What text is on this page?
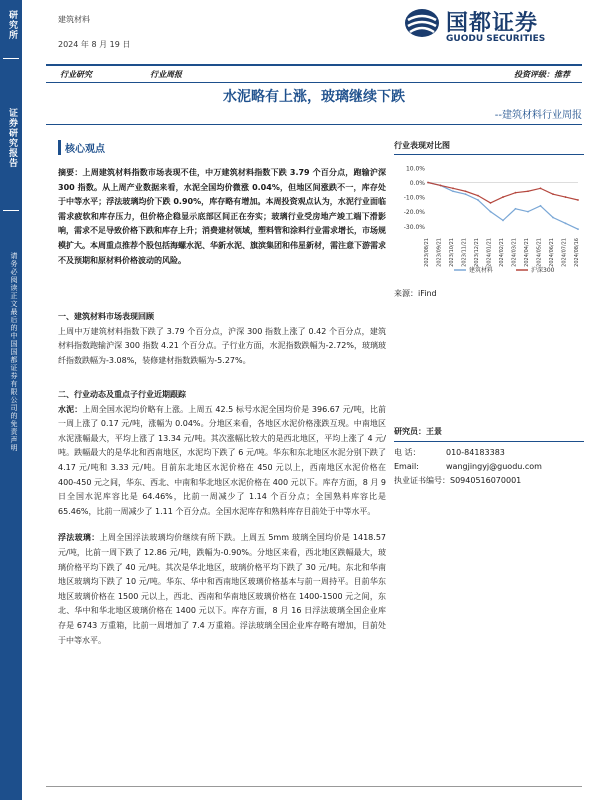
研究所
证券研究报告
请务必阅读正文最后的中国国都证券有限公司的免责声明
建筑材料
2024 年 8 月 19 日
国都证券
GUODU SECURITIES
行业研究	行业周报	投资评级：推荐
水泥略有上涨，玻璃继续下跌
--建筑材料行业周报
核心观点
摘要：上周建筑材料指数市场表现不佳，中万建筑材料指数下跌 3.79 个百分点，跑输沪深 300 指数。从上周产业数据来看，水泥全国均价微涨 0.04%，但地区间涨跌不一，库存处于中等水平；浮法玻璃均价下跌 0.90%，库存略有增加。本周投资观点认为，水泥行业面临需求疲软和库存压力，但价格企稳显示底部区间正在夯实；玻璃行业受房地产竣工端下滑影响，需求不足导致价格下跌和库存上升；消费建材领域，塑料管和涂料行业需求增长，市场规模扩大。本周重点推荐个股包括海螺水泥、华新水泥、旗滨集团和伟星新材，需注意下游需求不及预期和原材料价格波动的风险。
一、建筑材料市场表现回顾
上周中万建筑材料指数下跌了 3.79 个百分点，沪深 300 指数上涨了 0.42 个百分点，建筑材料指数跑输沪深 300 指数 4.21 个百分点。子行业方面，水泥指数跌幅为-2.72%，玻璃玻纤指数跌幅为-3.08%，装修建材指数跌幅为-5.27%。
二、行业动态及重点子行业近期跟踪
水泥：上周全国水泥均价略有上涨。上周五 42.5 标号水泥全国均价是 396.67 元/吨，比前一周上涨了 0.17 元/吨，涨幅为 0.04%。分地区来看，各地区水泥价格涨跌互现。中南地区水泥涨幅最大，平均上涨了 13.34 元/吨。其次涨幅比较大的是西北地区，平均上涨了 4 元/吨。跌幅最大的是华北和西南地区，水泥均下跌了 6 元/吨。华东和东北地区水泥分别下跌了 4.17 元/吨和 3.33 元/吨。目前东北地区水泥价格在 450 元以上，西南地区水泥价格在 400-450 元之间，华东、西北、中南和华北地区水泥价格在 400 元以下。库存方面，8 月 9 日全国水泥库容比是 64.46%，比前一周减少了 1.14 个百分点；全国熟料库容比是 65.46%，比前一周减少了 1.11 个百分点。全国水泥库存和熟料库存目前处于中等水平。
浮法玻璃：上周全国浮法玻璃均价继续有所下跌。上周五 5mm 玻璃全国均价是 1418.57 元/吨，比前一周下跌了 12.86 元/吨，跌幅为-0.90%。分地区来看，西北地区跌幅最大，玻璃价格平均下跌了 40 元/吨。其次是华北地区，玻璃价格平均下跌了 30 元/吨。东北和华南地区玻璃均下跌了 10 元/吨。华东、华中和西南地区玻璃价格基本与前一周持平。目前华东地区玻璃价格在 1500 元以上，西北、西南和华南地区玻璃价格在 1400-1500 元之间，东北、华中和华北地区玻璃价格在 1400 元以下。库存方面，8 月 16 日浮法玻璃全国企业库存是 6743 万重箱，比前一周增加了 7.4 万重箱。浮法玻璃全国企业库存略有增加，目前处于中等水平。
行业表现对比图
10.0%
0.0%
-10.0%
-20.0%
-30.0%
2023/08/21 2023/09/21 2023/10/21 2023/11/21 2023/12/21 2024/01/21 2024/02/21 2024/03/21 2024/04/21 2024/05/21 2024/06/21 2024/07/21 2024/08/16
建筑材料	沪深300
来源：iFind
研究员：王景
电 话：	010-84183383
Email:	wangjingyj@guodu.com
执业证书编号：S0940516070001
